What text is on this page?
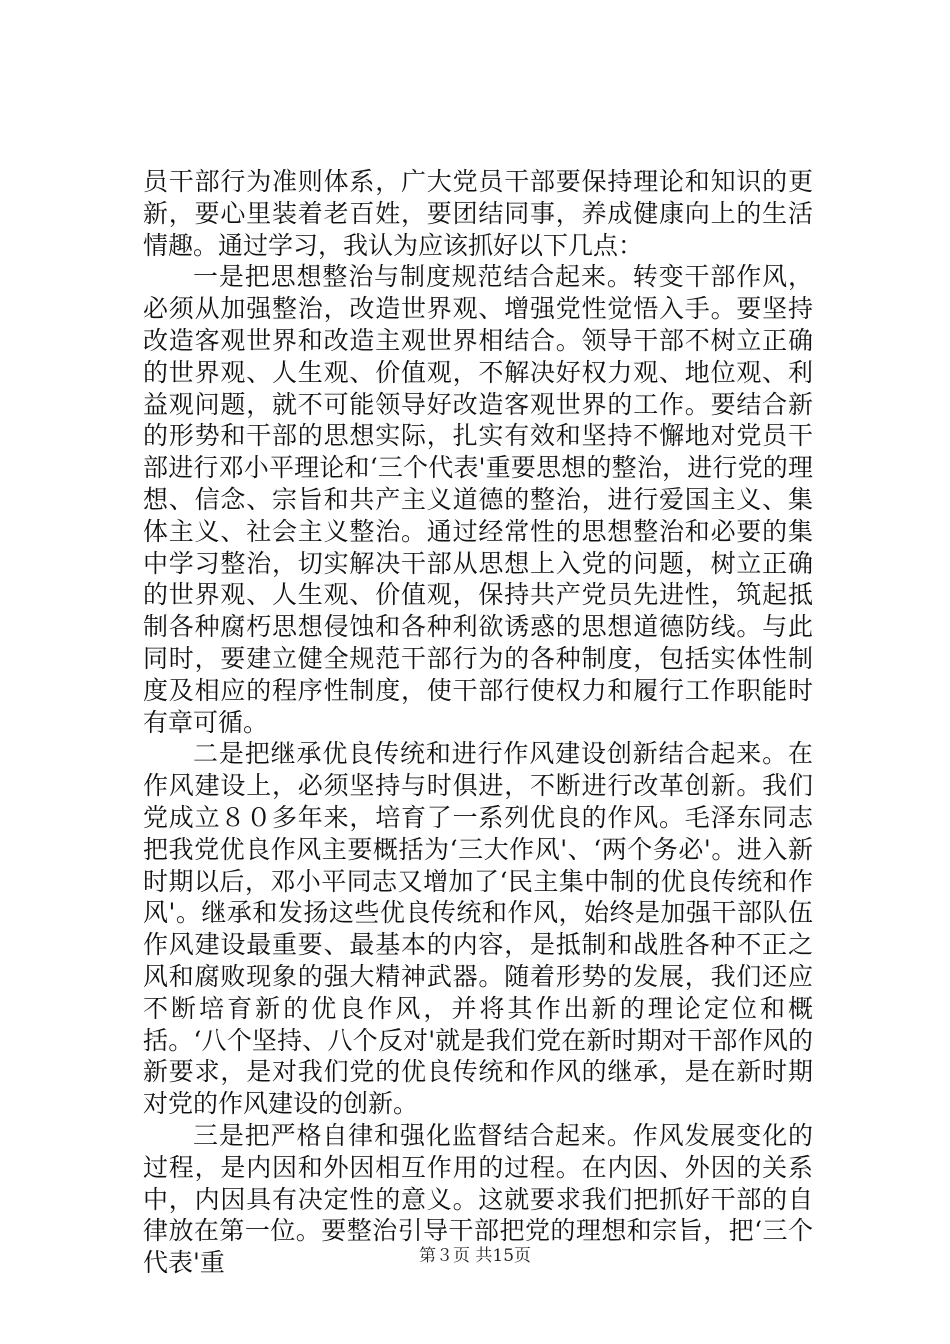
员干部行为准则体系，广大党员干部要保持理论和知识的更新，要心里装着老百姓，要团结同事，养成健康向上的生活情趣。通过学习，我认为应该抓好以下几点：

一是把思想整治与制度规范结合起来。转变干部作风，必须从加强整治，改造世界观、增强党性觉悟入手。要坚持改造客观世界和改造主观世界相结合。领导干部不树立正确的世界观、人生观、价值观，不解决好权力观、地位观、利益观问题，就不可能领导好改造客观世界的工作。要结合新的形势和干部的思想实际，扎实有效和坚持不懈地对党员干部进行邓小平理论和‘三个代表'重要思想的整治，进行党的理想、信念、宗旨和共产主义道德的整治，进行爱国主义、集体主义、社会主义整治。通过经常性的思想整治和必要的集中学习整治，切实解决干部从思想上入党的问题，树立正确的世界观、人生观、价值观，保持共产党员先进性，筑起抵制各种腐朽思想侵蚀和各种利欲诱惑的思想道德防线。与此同时，要建立健全规范干部行为的各种制度，包括实体性制度及相应的程序性制度，使干部行使权力和履行工作职能时有章可循。

二是把继承优良传统和进行作风建设创新结合起来。在作风建设上，必须坚持与时俱进，不断进行改革创新。我们党成立８０多年来，培育了一系列优良的作风。毛泽东同志把我党优良作风主要概括为‘三大作风'、‘两个务必'。进入新时期以后，邓小平同志又增加了‘民主集中制的优良传统和作风'。继承和发扬这些优良传统和作风，始终是加强干部队伍作风建设最重要、最基本的内容，是抵制和战胜各种不正之风和腐败现象的强大精神武器。随着形势的发展，我们还应不断培育新的优良作风，并将其作出新的理论定位和概括。‘八个坚持、八个反对'就是我们党在新时期对干部作风的新要求，是对我们党的优良传统和作风的继承，是在新时期对党的作风建设的创新。

三是把严格自律和强化监督结合起来。作风发展变化的过程，是内因和外因相互作用的过程。在内因、外因的关系中，内因具有决定性的意义。这就要求我们把抓好干部的自律放在第一位。要整治引导干部把党的理想和宗旨，把‘三个代表'重	第３页 共15页
